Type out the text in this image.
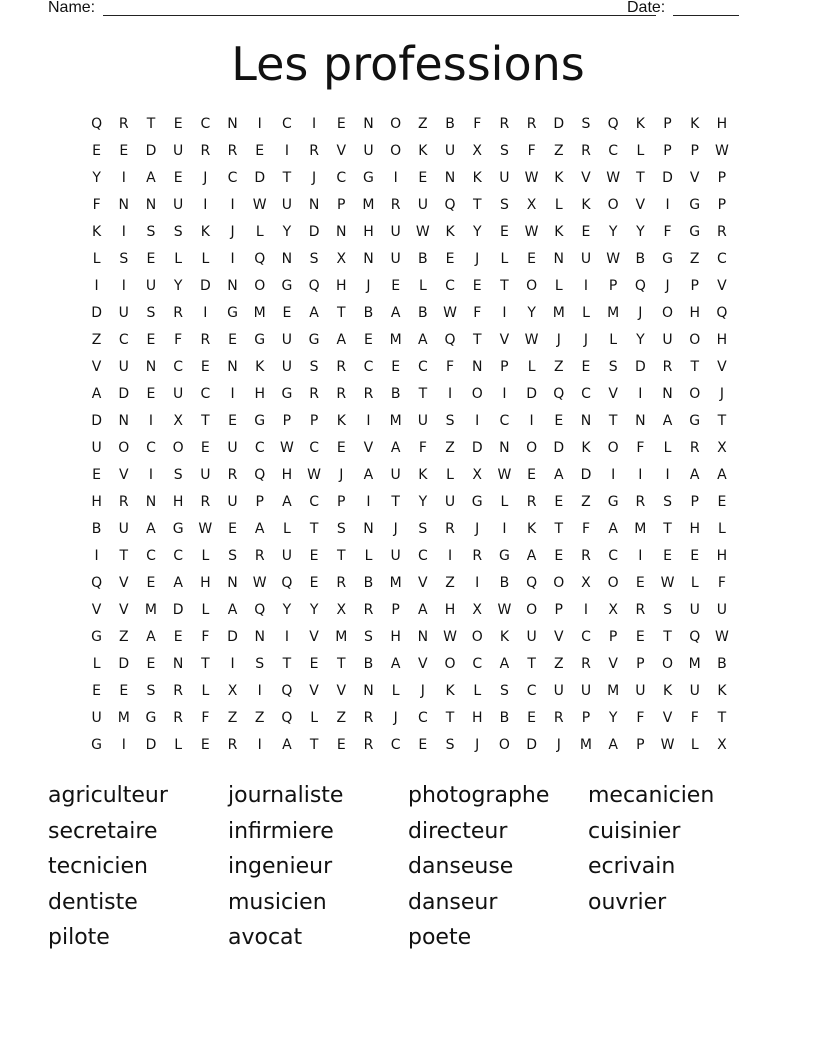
Name:	Date:
Les professions
Q	R	T	E	C	N	I	C	I	E	N	O	Z	B	F	R	R	D	S	Q	K	P	K	H
E	E	D	U	R	R	E	I	R	V	U	O	K	U	X	S	F	Z	R	C	L	P	P	W
Y	I	A	E	J	C	D	T	J	C	G	I	E	N	K	U	W	K	V	W	T	D	V	P
F	N	N	U	I	I	W	U	N	P	M	R	U	Q	T	S	X	L	K	O	V	I	G	P
K	I	S	S	K	J	L	Y	D	N	H	U	W	K	Y	E	W	K	E	Y	Y	F	G	R
L	S	E	L	L	I	Q	N	S	X	N	U	B	E	J	L	E	N	U	W	B	G	Z	C
I	I	U	Y	D	N	O	G	Q	H	J	E	L	C	E	T	O	L	I	P	Q	J	P	V
D	U	S	R	I	G	M	E	A	T	B	A	B	W	F	I	Y	M	L	M	J	O	H	Q
Z	C	E	F	R	E	G	U	G	A	E	M	A	Q	T	V	W	J	J	L	Y	U	O	H
V	U	N	C	E	N	K	U	S	R	C	E	C	F	N	P	L	Z	E	S	D	R	T	V
A	D	E	U	C	I	H	G	R	R	R	B	T	I	O	I	D	Q	C	V	I	N	O	J
D	N	I	X	T	E	G	P	P	K	I	M	U	S	I	C	I	E	N	T	N	A	G	T
U	O	C	O	E	U	C	W	C	E	V	A	F	Z	D	N	O	D	K	O	F	L	R	X
E	V	I	S	U	R	Q	H	W	J	A	U	K	L	X	W	E	A	D	I	I	I	A	A
H	R	N	H	R	U	P	A	C	P	I	T	Y	U	G	L	R	E	Z	G	R	S	P	E
B	U	A	G	W	E	A	L	T	S	N	J	S	R	J	I	K	T	F	A	M	T	H	L
I	T	C	C	L	S	R	U	E	T	L	U	C	I	R	G	A	E	R	C	I	E	E	H
Q	V	E	A	H	N	W	Q	E	R	B	M	V	Z	I	B	Q	O	X	O	E	W	L	F
V	V	M	D	L	A	Q	Y	Y	X	R	P	A	H	X	W	O	P	I	X	R	S	U	U
G	Z	A	E	F	D	N	I	V	M	S	H	N	W	O	K	U	V	C	P	E	T	Q	W
L	D	E	N	T	I	S	T	E	T	B	A	V	O	C	A	T	Z	R	V	P	O	M	B
E	E	S	R	L	X	I	Q	V	V	N	L	J	K	L	S	C	U	U	M	U	K	U	K
U	M	G	R	F	Z	Z	Q	L	Z	R	J	C	T	H	B	E	R	P	Y	F	V	F	T
G	I	D	L	E	R	I	A	T	E	R	C	E	S	J	O	D	J	M	A	P	W	L	X
agriculteur
secretaire
tecnicien
dentiste
pilote
journaliste
infirmiere
ingenieur
musicien
avocat
photographe
directeur
danseuse
danseur
poete
mecanicien
cuisinier
ecrivain
ouvrier
